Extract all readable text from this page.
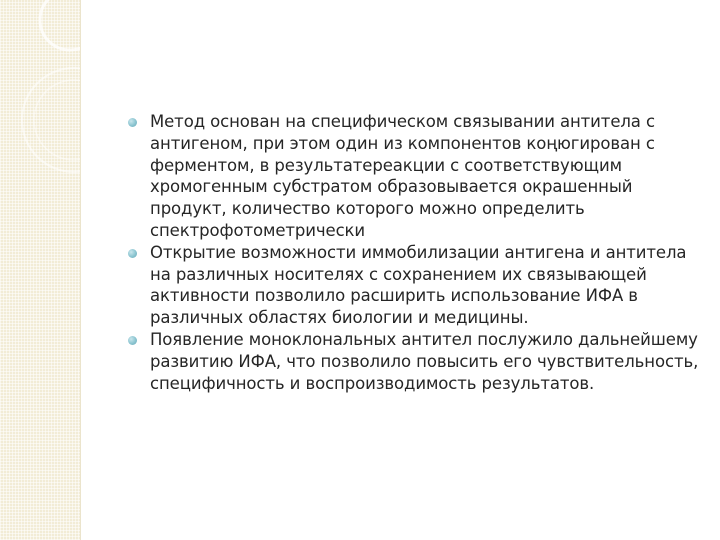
Метод основан на специфическом связывании антитела с антигеном, при этом один из компонентов коңюгирован с ферментом, в результатереакции с соответствующим хромогенным субстратом образовывается окрашенный продукт, количество которого можно определить спектрофотометрически
Открытие возможности иммобилизации антигена и антитела на различных носителях с сохранением их связывающей активности позволило расширить использование ИФА в различных областях биологии и медицины.
Появление моноклональных антител послужило дальнейшему развитию ИФА, что позволило повысить его чувствительность, специфичность и воспроизводимость результатов.
